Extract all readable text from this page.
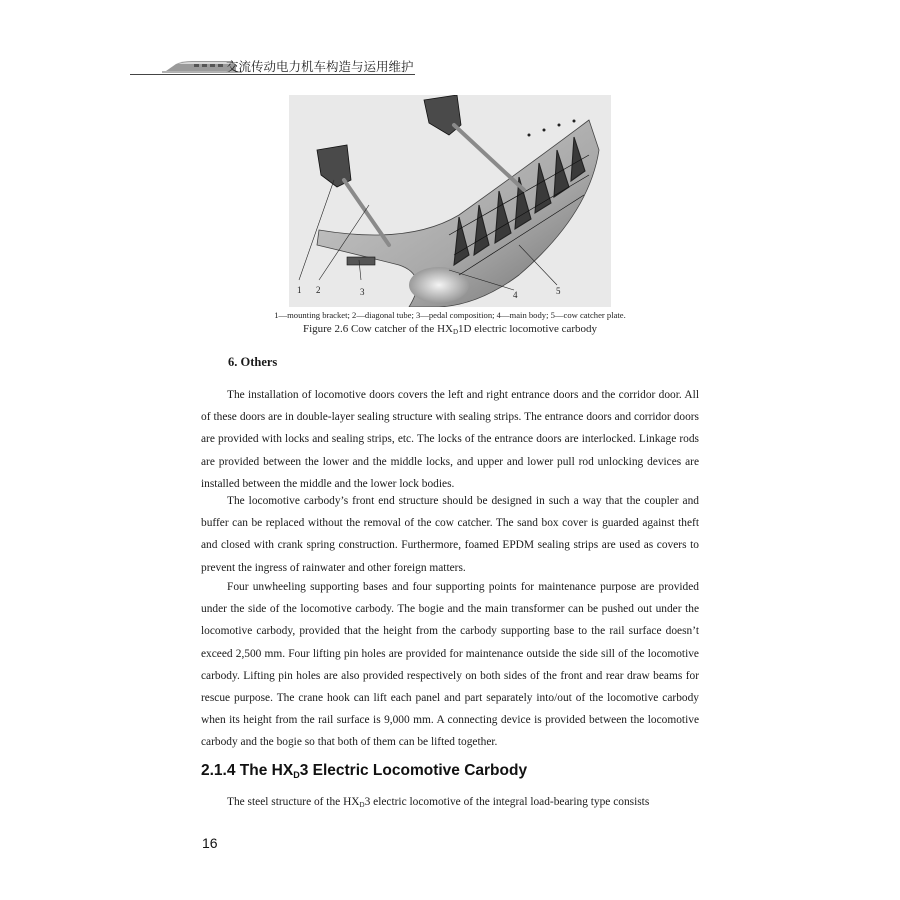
交流传动电力机车构造与运用维护
1 2	3	4	5
1—mounting bracket; 2—diagonal tube; 3—pedal composition; 4—main body; 5—cow catcher plate.
Figure 2.6 Cow catcher of the $HX_D1D$ electric locomotive carbody
6. Others

The installation of locomotive doors covers the left and right entrance doors and the corridor door. All of these doors are in double-layer sealing structure with sealing strips. The entrance doors and corridor doors are provided with locks and sealing strips, etc. The locks of the entrance doors are interlocked. Linkage rods are provided between the lower and the middle locks, and upper and lower pull rod unlocking devices are installed between the middle and the lower lock bodies.

The locomotive carbody’s front end structure should be designed in such a way that the coupler and buffer can be replaced without the removal of the cow catcher. The sand box cover is guarded against theft and closed with crank spring construction. Furthermore, foamed EPDM sealing strips are used as covers to prevent the ingress of rainwater and other foreign matters.

Four unwheeling supporting bases and four supporting points for maintenance purpose are provided under the side of the locomotive carbody. The bogie and the main transformer can be pushed out under the locomotive carbody, provided that the height from the carbody supporting base to the rail surface doesn’t exceed 2,500 mm. Four lifting pin holes are provided for maintenance outside the side sill of the locomotive carbody. Lifting pin holes are also provided respectively on both sides of the front and rear draw beams for rescue purpose. The crane hook can lift each panel and part separately into/out of the locomotive carbody when its height from the rail surface is 9,000 mm. A connecting device is provided between the locomotive carbody and the bogie so that both of them can be lifted together.

2.1.4 The $HX_D3$ Electric Locomotive Carbody
The steel structure of the $HX_D3$ electric locomotive of the integral load-bearing type consists
16
